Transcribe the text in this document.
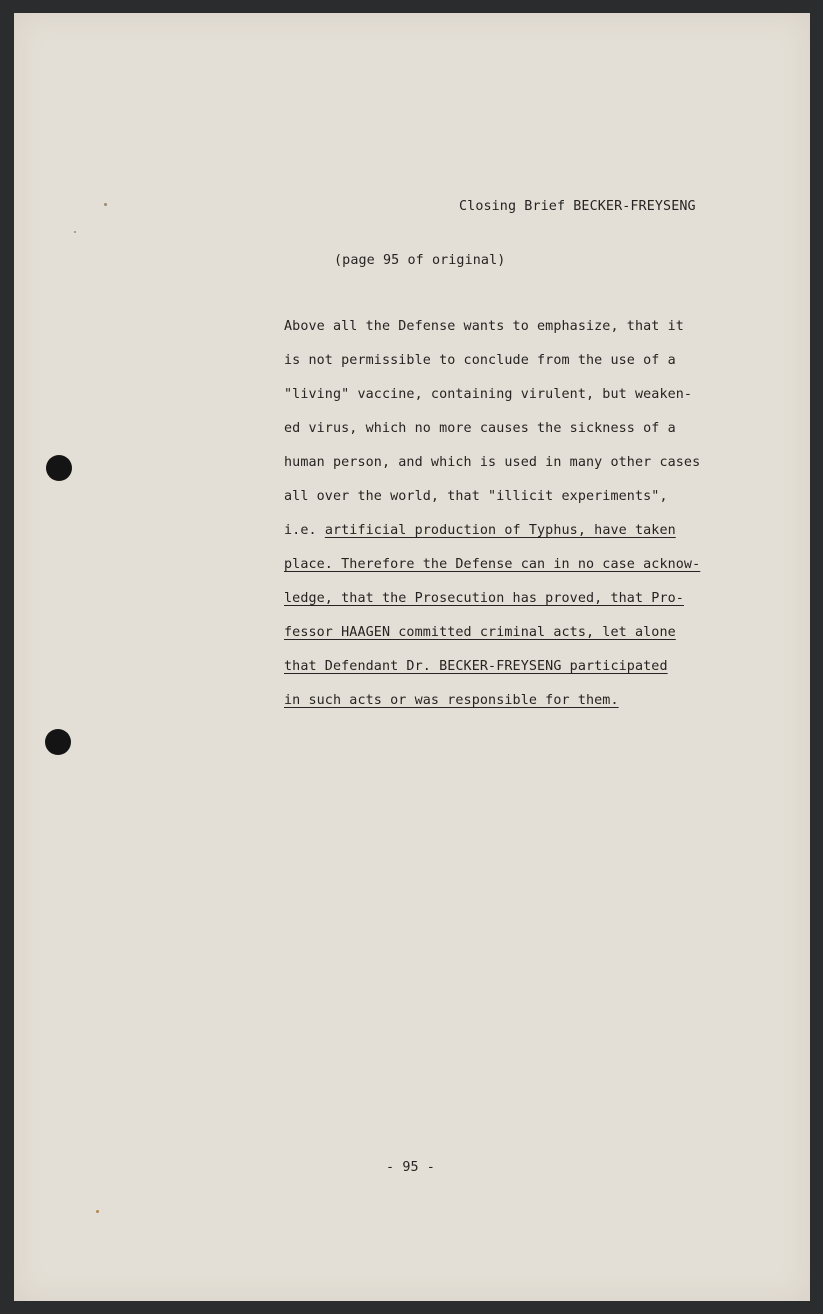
Closing Brief BECKER-FREYSENG
(page 95 of original)
Above all the Defense wants to emphasize, that it
is not permissible to conclude from the use of a
"living" vaccine, containing virulent, but weaken-
ed virus, which no more causes the sickness of a
human person, and which is used in many other cases
all over the world, that "illicit experiments",
i.e. artificial production of Typhus, have taken
place. Therefore the Defense can in no case acknow-
ledge, that the Prosecution has proved, that Pro-
fessor HAAGEN committed criminal acts, let alone
that Defendant Dr. BECKER-FREYSENG participated
in such acts or was responsible for them.
- 95 -
